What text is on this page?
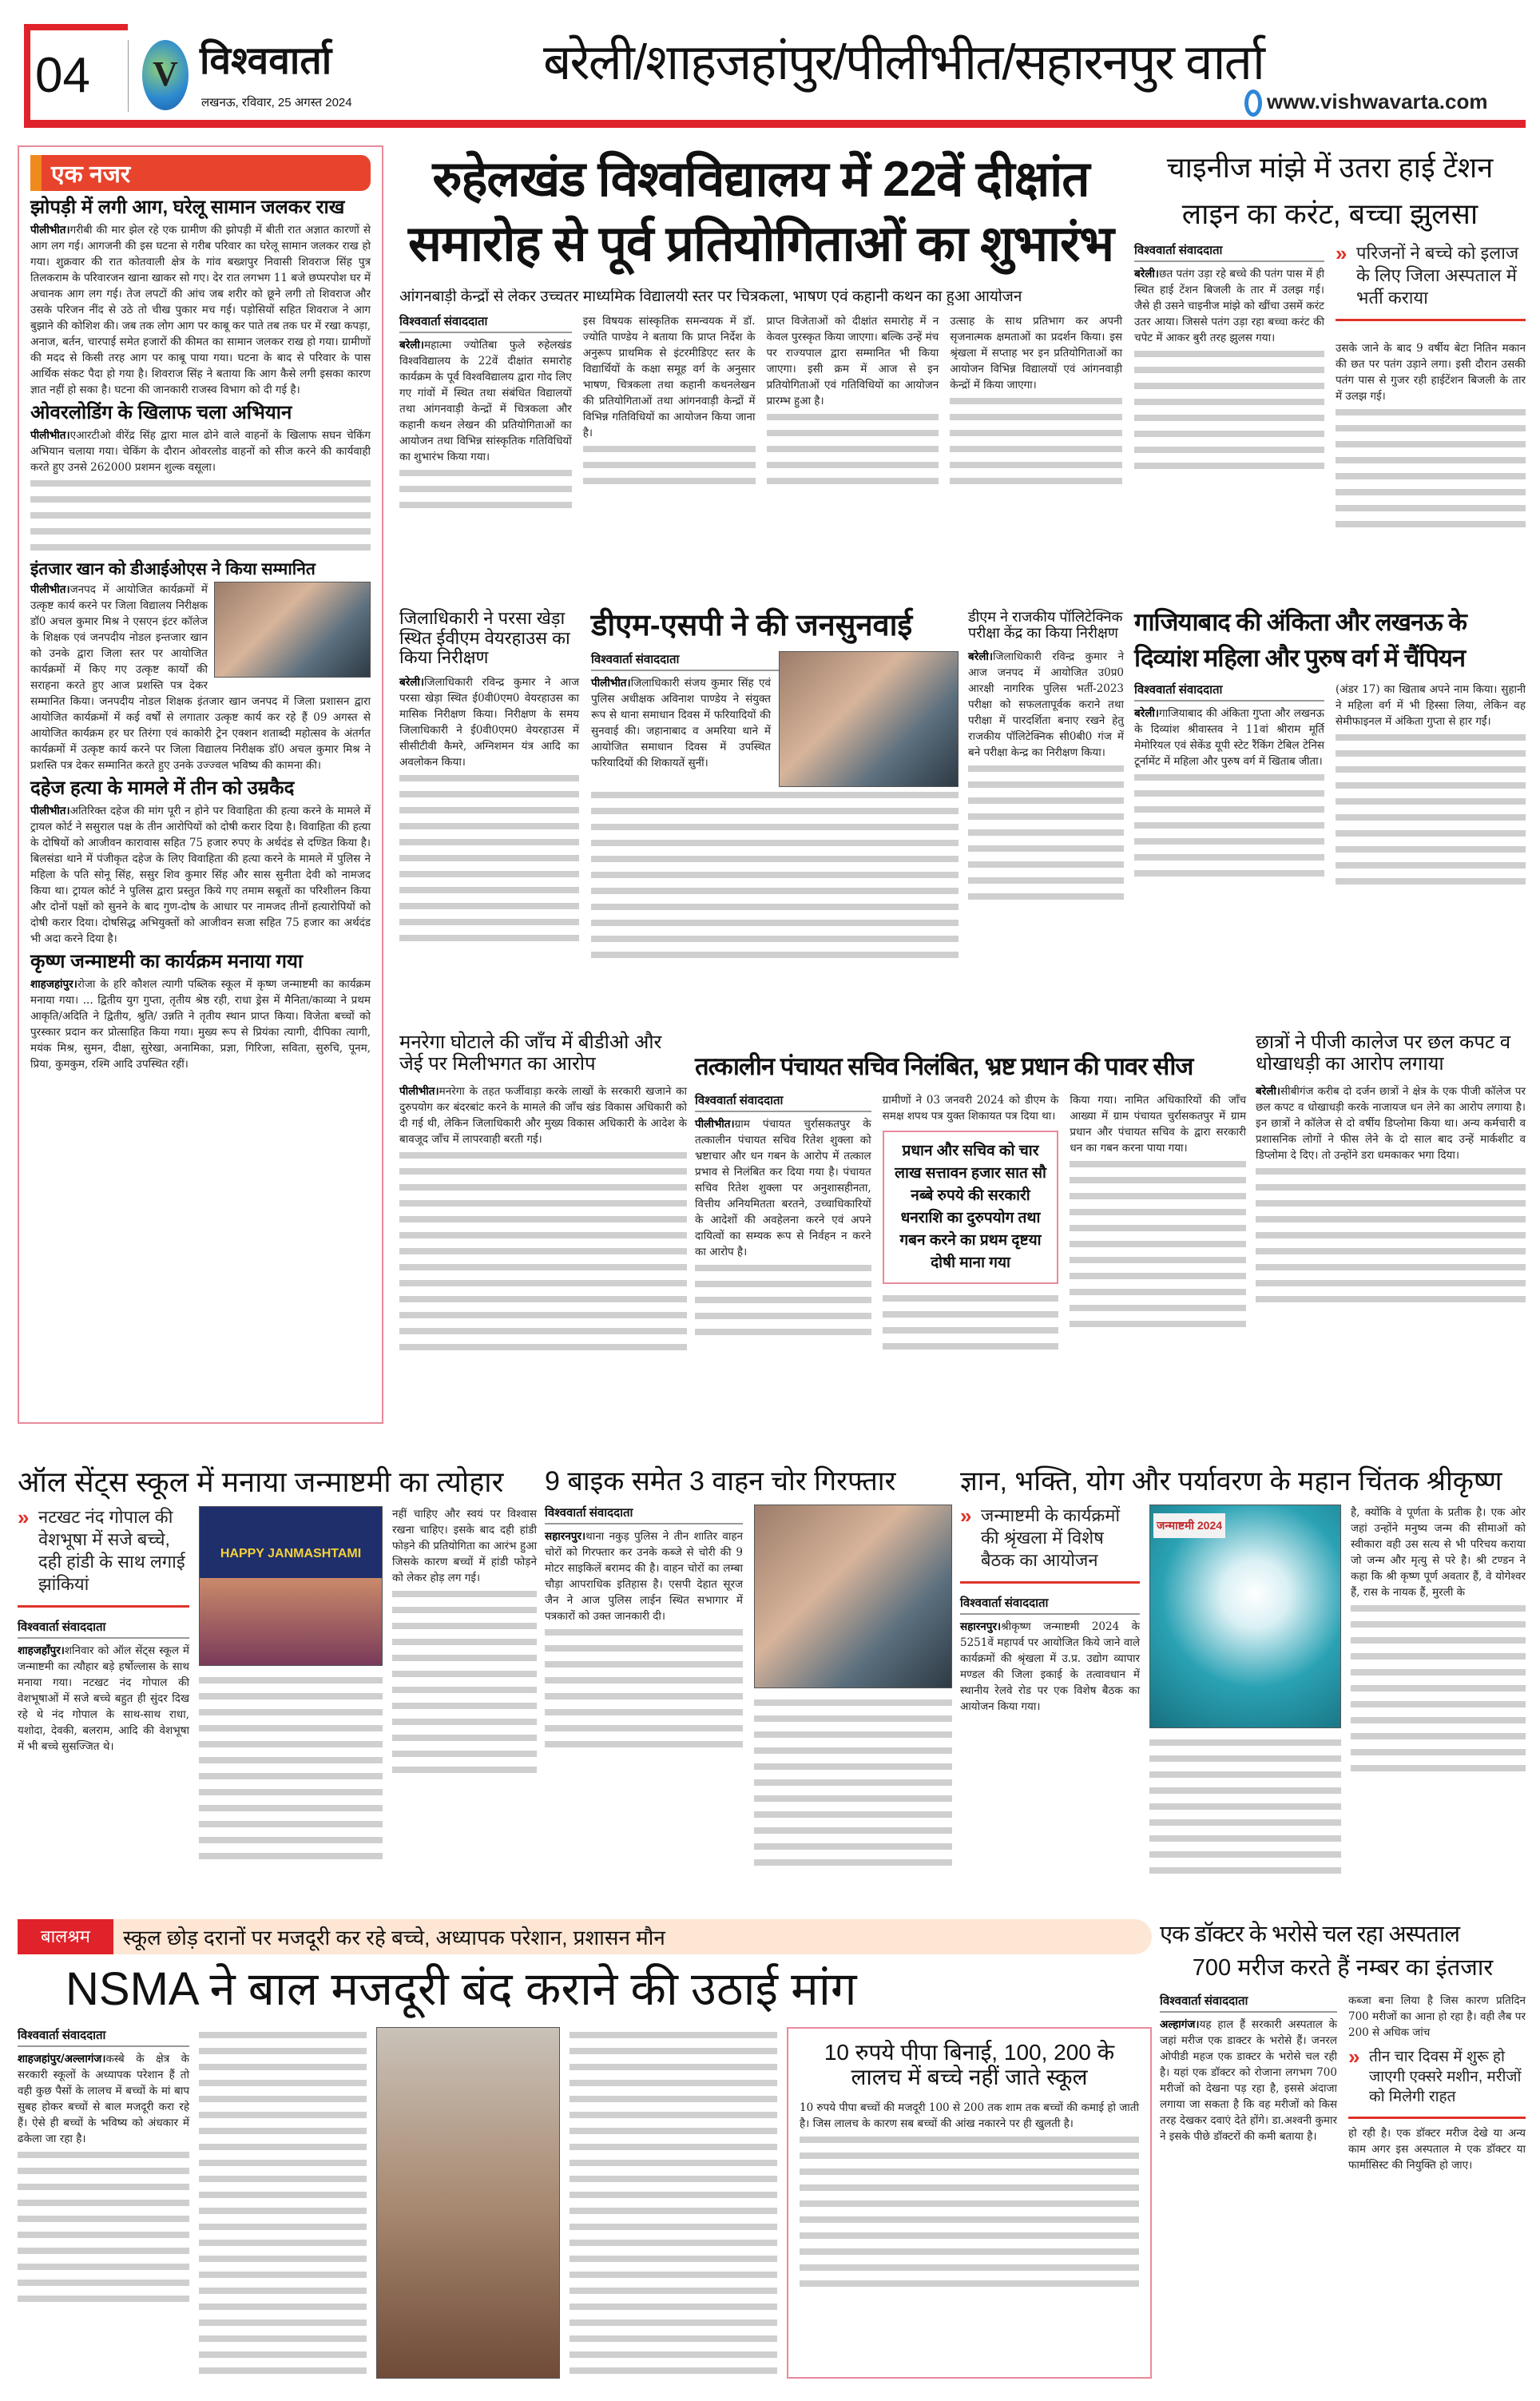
04 V विश्ववार्ता
लखनऊ, रविवार, 25 अगस्त 2024
बरेली/शाहजहांपुर/पीलीभीत/सहारनपुर वार्ता
www.vishwavarta.com
एक नजर
झोपड़ी में लगी आग, घरेलू सामान जलकर राख

पीलीभीत।गरीबी की मार झेल रहे एक ग्रामीण की झोपड़ी में बीती रात अज्ञात कारणों से आग लग गई। आगजनी की इस घटना से गरीब परिवार का घरेलू सामान जलकर राख हो गया। शुक्रवार की रात कोतवाली क्षेत्र के गांव बख्शपुर निवासी शिवराज सिंह पुत्र तिलकराम के परिवारजन खाना खाकर सो गए। देर रात लगभग 11 बजे छप्परपोश घर में अचानक आग लग गई। तेज लपटों की आंच जब शरीर को छूने लगी तो शिवराज और उसके परिजन नींद से उठे तो चीख पुकार मच गई। पड़ोसियों सहित शिवराज ने आग बुझाने की कोशिश की। जब तक लोग आग पर काबू कर पाते तब तक घर में रखा कपड़ा, अनाज, बर्तन, चारपाई समेत हजारों की कीमत का सामान जलकर राख हो गया। ग्रामीणों की मदद से किसी तरह आग पर काबू पाया गया। घटना के बाद से परिवार के पास आर्थिक संकट पैदा हो गया है। शिवराज सिंह ने बताया कि आग कैसे लगी इसका कारण ज्ञात नहीं हो सका है। घटना की जानकारी राजस्व विभाग को दी गई है।

ओवरलोडिंग के खिलाफ चला अभियान

पीलीभीत।एआरटीओ वीरेंद्र सिंह द्वारा माल ढोने वाले वाहनों के खिलाफ सघन चेकिंग अभियान चलाया गया। चेकिंग के दौरान ओवरलोड वाहनों को सीज करने की कार्यवाही करते हुए उनसे 262000 प्रशमन शुल्क वसूला।

इंतजार खान को डीआईओएस ने किया सम्मानित

पीलीभीत।जनपद में आयोजित कार्यक्रमों में उत्कृष्ट कार्य करने पर जिला विद्यालय निरीक्षक डॉ0 अचल कुमार मिश्र ने एसएन इंटर कॉलेज के शिक्षक एवं जनपदीय नोडल इन्तजार खान को उनके द्वारा जिला स्तर पर आयोजित कार्यक्रमों में किए गए उत्कृष्ट कार्यों की सराहना करते हुए आज प्रशस्ति पत्र देकर सम्मानित किया। जनपदीय नोडल शिक्षक इंतजार खान जनपद में जिला प्रशासन द्वारा आयोजित कार्यक्रमों में कई वर्षों से लगातार उत्कृष्ट कार्य कर रहे हैं 09 अगस्त से आयोजित कार्यक्रम हर घर तिरंगा एवं काकोरी ट्रेन एक्शन शताब्दी महोत्सव के अंतर्गत कार्यक्रमों में उत्कृष्ट कार्य करने पर जिला विद्यालय निरीक्षक डॉ0 अचल कुमार मिश्र ने प्रशस्ति पत्र देकर सम्मानित करते हुए उनके उज्ज्वल भविष्य की कामना की।

दहेज हत्या के मामले में तीन को उम्रकैद

पीलीभीत।अतिरिक्त दहेज की मांग पूरी न होने पर विवाहिता की हत्या करने के मामले में ट्रायल कोर्ट ने ससुराल पक्ष के तीन आरोपियों को दोषी करार दिया है। विवाहिता की हत्या के दोषियों को आजीवन कारावास सहित 75 हजार रुपए के अर्थदंड से दण्डित किया है। बिलसंडा थाने में पंजीकृत दहेज के लिए विवाहिता की हत्या करने के मामले में पुलिस ने महिला के पति सोनू सिंह, ससुर शिव कुमार सिंह और सास सुनीता देवी को नामजद किया था। ट्रायल कोर्ट ने पुलिस द्वारा प्रस्तुत किये गए तमाम सबूतों का परिशीलन किया और दोनों पक्षों को सुनने के बाद गुण-दोष के आधार पर नामजद तीनों हत्यारोपियों को दोषी करार दिया। दोषसिद्ध अभियुक्तों को आजीवन सजा सहित 75 हजार का अर्थदंड भी अदा करने दिया है।

कृष्ण जन्माष्टमी का कार्यक्रम मनाया गया

शाहजहांपुर।रोजा के हरि कौशल त्यागी पब्लिक स्कूल में कृष्ण जन्माष्टमी का कार्यक्रम मनाया गया। ... द्वितीय युग गुप्ता, तृतीय श्रेष्ठ रही, राधा ड्रेस में मैनिता/काव्या ने प्रथम आकृति/अदिति ने द्वितीय, श्रुति/ उन्नति ने तृतीय स्थान प्राप्त किया। विजेता बच्चों को पुरस्कार प्रदान कर प्रोत्साहित किया गया। मुख्य रूप से प्रियंका त्यागी, दीपिका त्यागी, मयंक मिश्र, सुमन, दीक्षा, सुरेखा, अनामिका, प्रज्ञा, गिरिजा, सविता, सुरुचि, पूनम, प्रिया, कुमकुम, रश्मि आदि उपस्थित रहीं।

रुहेलखंड विश्वविद्यालय में 22वें दीक्षांत
समारोह से पूर्व प्रतियोगिताओं का शुभारंभ
आंगनबाड़ी केन्द्रों से लेकर उच्चतर माध्यमिक विद्यालयी स्तर पर चित्रकला, भाषण एवं कहानी कथन का हुआ आयोजन
विश्ववार्ता संवाददाता

बरेली।महात्मा ज्योतिबा फुले रुहेलखंड विश्वविद्यालय के 22वें दीक्षांत समारोह कार्यक्रम के पूर्व विश्वविद्यालय द्वारा गोद लिए गए गांवों में स्थित तथा संबंधित विद्यालयों तथा आंगनवाड़ी केन्द्रों में चित्रकला और कहानी कथन लेखन की प्रतियोगिताओं का आयोजन तथा विभिन्न सांस्कृतिक गतिविधियों का शुभारंभ किया गया।

इस विषयक सांस्कृतिक समन्वयक में डॉ. ज्योति पाण्डेय ने बताया कि प्राप्त निर्देश के अनुरूप प्राथमिक से इंटरमीडिएट स्तर के विद्यार्थियों के कक्षा समूह वर्ग के अनुसार भाषण, चित्रकला तथा कहानी कथनलेखन की प्रतियोगिताओं तथा आंगनवाड़ी केन्द्रों में विभिन्न गतिविधियों का आयोजन किया जाना है।

प्राप्त विजेताओं को दीक्षांत समारोह में न केवल पुरस्कृत किया जाएगा। बल्कि उन्हें मंच पर राज्यपाल द्वारा सम्मानित भी किया जाएगा। इसी क्रम में आज से इन प्रतियोगिताओं एवं गतिविधियों का आयोजन प्रारम्भ हुआ है।

उत्साह के साथ प्रतिभाग कर अपनी सृजनात्मक क्षमताओं का प्रदर्शन किया। इस श्रृंखला में सप्ताह भर इन प्रतियोगिताओं का आयोजन विभिन्न विद्यालयों एवं आंगनवाड़ी केन्द्रों में किया जाएगा।

चाइनीज मांझे में उतरा हाई टेंशन
लाइन का करंट, बच्चा झुलसा
विश्ववार्ता संवाददाता

बरेली।छत पतंग उड़ा रहे बच्चे की पतंग पास में ही स्थित हाई टेंशन बिजली के तार में उलझ गई। जैसे ही उसने चाइनीज मांझे को खींचा उसमें करंट उतर आया। जिससे पतंग उड़ा रहा बच्चा करंट की चपेट में आकर बुरी तरह झुलस गया।

» परिजनों ने बच्चे को इलाज के लिए जिला अस्पताल में भर्ती कराया

उसके जाने के बाद 9 वर्षीय बेटा नितिन मकान की छत पर पतंग उड़ाने लगा। इसी दौरान उसकी पतंग पास से गुजर रही हाईटेंशन बिजली के तार में उलझ गई।

जिलाधिकारी ने परसा खेड़ा स्थित ईवीएम वेयरहाउस का किया निरीक्षण

बरेली।जिलाधिकारी रविन्द्र कुमार ने आज परसा खेड़ा स्थित ई0वी0एम0 वेयरहाउस का मासिक निरीक्षण किया। निरीक्षण के समय जिलाधिकारी ने ई0वी0एम0 वेयरहाउस में सीसीटीवी कैमरे, अग्निशमन यंत्र आदि का अवलोकन किया।

डीएम-एसपी ने की जनसुनवाई
विश्ववार्ता संवाददाता

पीलीभीत।जिलाधिकारी संजय कुमार सिंह एवं पुलिस अधीक्षक अविनाश पाण्डेय ने संयुक्त रूप से थाना समाधान दिवस में फरियादियों की सुनवाई की। जहानाबाद व अमरिया थाने में आयोजित समाधान दिवस में उपस्थित फरियादियों की शिकायतें सुनीं।

डीएम ने राजकीय पॉलिटेक्निक परीक्षा केंद्र का किया निरीक्षण

बरेली।जिलाधिकारी रविन्द्र कुमार ने आज जनपद में आयोजित उ0प्र0 आरक्षी नागरिक पुलिस भर्ती-2023 परीक्षा को सफलतापूर्वक कराने तथा परीक्षा में पारदर्शिता बनाए रखने हेतु राजकीय पॉलिटेक्निक सी0बी0 गंज में बने परीक्षा केन्द्र का निरीक्षण किया।

गाजियाबाद की अंकिता और लखनऊ के
दिव्यांश महिला और पुरुष वर्ग में चैंपियन
विश्ववार्ता संवाददाता

बरेली।गाजियाबाद की अंकिता गुप्ता और लखनऊ के दिव्यांश श्रीवास्तव ने 11वां श्रीराम मूर्ति मेमोरियल एवं सेकेंड यूपी स्टेट रैंकिंग टेबिल टेनिस टूर्नामेंट में महिला और पुरुष वर्ग में खिताब जीता।

(अंडर 17) का खिताब अपने नाम किया। सुहानी ने महिला वर्ग में भी हिस्सा लिया, लेकिन वह सेमीफाइनल में अंकिता गुप्ता से हार गईं।

मनरेगा घोटाले की जाँच में बीडीओ और जेई पर मिलीभगत का आरोप

पीलीभीत।मनरेगा के तहत फर्जीवाड़ा करके लाखों के सरकारी खजाने का दुरुपयोग कर बंदरबांट करने के मामले की जाँच खंड विकास अधिकारी को दी गई थी, लेकिन जिलाधिकारी और मुख्य विकास अधिकारी के आदेश के बावजूद जाँच में लापरवाही बरती गई।

तत्कालीन पंचायत सचिव निलंबित, भ्रष्ट प्रधान की पावर सीज
विश्ववार्ता संवाददाता

पीलीभीत।ग्राम पंचायत चुर्रासकतपुर के तत्कालीन पंचायत सचिव रितेश शुक्ला को भ्रष्टाचार और धन गबन के आरोप में तत्काल प्रभाव से निलंबित कर दिया गया है। पंचायत सचिव रितेश शुक्ला पर अनुशासहीनता, वित्तीय अनियमितता बरतने, उच्चाधिकारियों के आदेशों की अवहेलना करने एवं अपने दायित्वों का सम्यक रूप से निर्वहन न करने का आरोप है।

ग्रामीणों ने 03 जनवरी 2024 को डीएम के समक्ष शपथ पत्र युक्त शिकायत पत्र दिया था।

प्रधान और सचिव को चार लाख सत्तावन हजार सात सौ नब्बे रुपये की सरकारी धनराशि का दुरुपयोग तथा गबन करने का प्रथम दृष्टया दोषी माना गया

किया गया। नामित अधिकारियों की जाँच आख्या में ग्राम पंचायत चुर्रासकतपुर में ग्राम प्रधान और पंचायत सचिव के द्वारा सरकारी धन का गबन करना पाया गया।

छात्रों ने पीजी कालेज पर छल कपट व धोखाधड़ी का आरोप लगाया

बरेली।सीबीगंज करीब दो दर्जन छात्रों ने क्षेत्र के एक पीजी कॉलेज पर छल कपट व धोखाधड़ी करके नाजायज धन लेने का आरोप लगाया है। इन छात्रों ने कॉलेज से दो वर्षीय डिप्लोमा किया था। अन्य कर्मचारी व प्रशासनिक लोगों ने फीस लेने के दो साल बाद उन्हें मार्कशीट व डिप्लोमा दे दिए। तो उन्होंने डरा धमकाकर भगा दिया।

ऑल सेंट्स स्कूल में मनाया जन्माष्टमी का त्योहार
» नटखट नंद गोपाल की वेशभूषा में सजे बच्चे, दही हांडी के साथ लगाई झांकियां
विश्ववार्ता संवाददाता

शाहजहाँपुर।शनिवार को ऑल सेंट्स स्कूल में जन्माष्टमी का त्यौहार बड़े हर्षोल्लास के साथ मनाया गया। नटखट नंद गोपाल की वेशभूषाओं में सजे बच्चे बहुत ही सुंदर दिख रहे थे नंद गोपाल के साथ-साथ राधा, यशोदा, देवकी, बलराम, आदि की वेशभूषा में भी बच्चे सुसज्जित थे।

HAPPY JANMASHTAMI

नहीं चाहिए और स्वयं पर विश्वास रखना चाहिए। इसके बाद दही हांडी फोड़ने की प्रतियोगिता का आरंभ हुआ जिसके कारण बच्चों में हांडी फोड़ने को लेकर होड़ लग गई।

9 बाइक समेत 3 वाहन चोर गिरफ्तार
विश्ववार्ता संवाददाता

सहारनपुर।थाना नकुड़ पुलिस ने तीन शातिर वाहन चोरों को गिरफ्तार कर उनके कब्जे से चोरी की 9 मोटर साइकिलें बरामद की है। वाहन चोरों का लम्बा चौड़ा आपराधिक इतिहास है। एसपी देहात सूरज जैन ने आज पुलिस लाईन स्थित सभागार में पत्रकारों को उक्त जानकारी दी।

ज्ञान, भक्ति, योग और पर्यावरण के महान चिंतक श्रीकृष्ण
» जन्माष्टमी के कार्यक्रमों की श्रृंखला में विशेष बैठक का आयोजन
विश्ववार्ता संवाददाता

सहारनपुर।श्रीकृष्ण जन्माष्टमी 2024 के 5251वें महापर्व पर आयोजित किये जाने वाले कार्यक्रमों की श्रृंखला में उ.प्र. उद्योग व्यापार मण्डल की जिला इकाई के तत्वावधान में स्थानीय रेलवे रोड पर एक विशेष बैठक का आयोजन किया गया।

जन्माष्टमी 2024

है, क्योंकि वे पूर्णता के प्रतीक है। एक ओर जहां उन्होंने मनुष्य जन्म की सीमाओं को स्वीकारा वही उस सत्य से भी परिचय कराया जो जन्म और मृत्यु से परे है। श्री टण्डन ने कहा कि श्री कृष्ण पूर्ण अवतार हैं, वे योगेश्वर हैं, रास के नायक हैं, मुरली के

बालश्रम	स्कूल छोड़ दरानों पर मजदूरी कर रहे बच्चे, अध्यापक परेशान, प्रशासन मौन
NSMA ने बाल मजदूरी बंद कराने की उठाई मांग
विश्ववार्ता संवाददाता

शाहजहांपुर/अल्लागंज।कस्बे के क्षेत्र के सरकारी स्कूलों के अध्यापक परेशान हैं तो वही कुछ पैसों के लालच में बच्चों के मां बाप सुबह होकर बच्चों से बाल मजदूरी करा रहे हैं। ऐसे ही बच्चों के भविष्य को अंधकार में ढकेला जा रहा है।

10 रुपये पीपा बिनाई, 100, 200 के लालच में बच्चे नहीं जाते स्कूल

10 रुपये पीपा बच्चों की मजदूरी 100 से 200 तक शाम तक बच्चों की कमाई हो जाती है। जिस लालच के कारण सब बच्चों की आंख नकारने पर ही खुलती है।

एक डॉक्टर के भरोसे चल रहा अस्पताल
700 मरीज करते हैं नम्बर का इंतजार
विश्ववार्ता संवाददाता

अल्हागंज।यह हाल हैं सरकारी अस्पताल के जहां मरीज एक डाक्टर के भरोसे हैं। जनरल ओपीडी महज एक डाक्टर के भरोसे चल रही है। यहां एक डॉक्टर को रोजाना लगभग 700 मरीजों को देखना पड़ रहा है, इससे अंदाजा लगाया जा सकता है कि वह मरीजों को किस तरह देखकर दवाएं देते होंगे। डा.अश्वनी कुमार ने इसके पीछे डॉक्टरों की कमी बताया है।

कब्जा बना लिया है जिस कारण प्रतिदिन 700 मरीजों का आना हो रहा है। वही लैब पर 200 से अधिक जांच

» तीन चार दिवस में शुरू हो जाएगी एक्सरे मशीन, मरीजों को मिलेगी राहत

हो रही है। एक डॉक्टर मरीज देखे या अन्य काम अगर इस अस्पताल मे एक डॉक्टर या फार्मासिस्ट की नियुक्ति हो जाए।
